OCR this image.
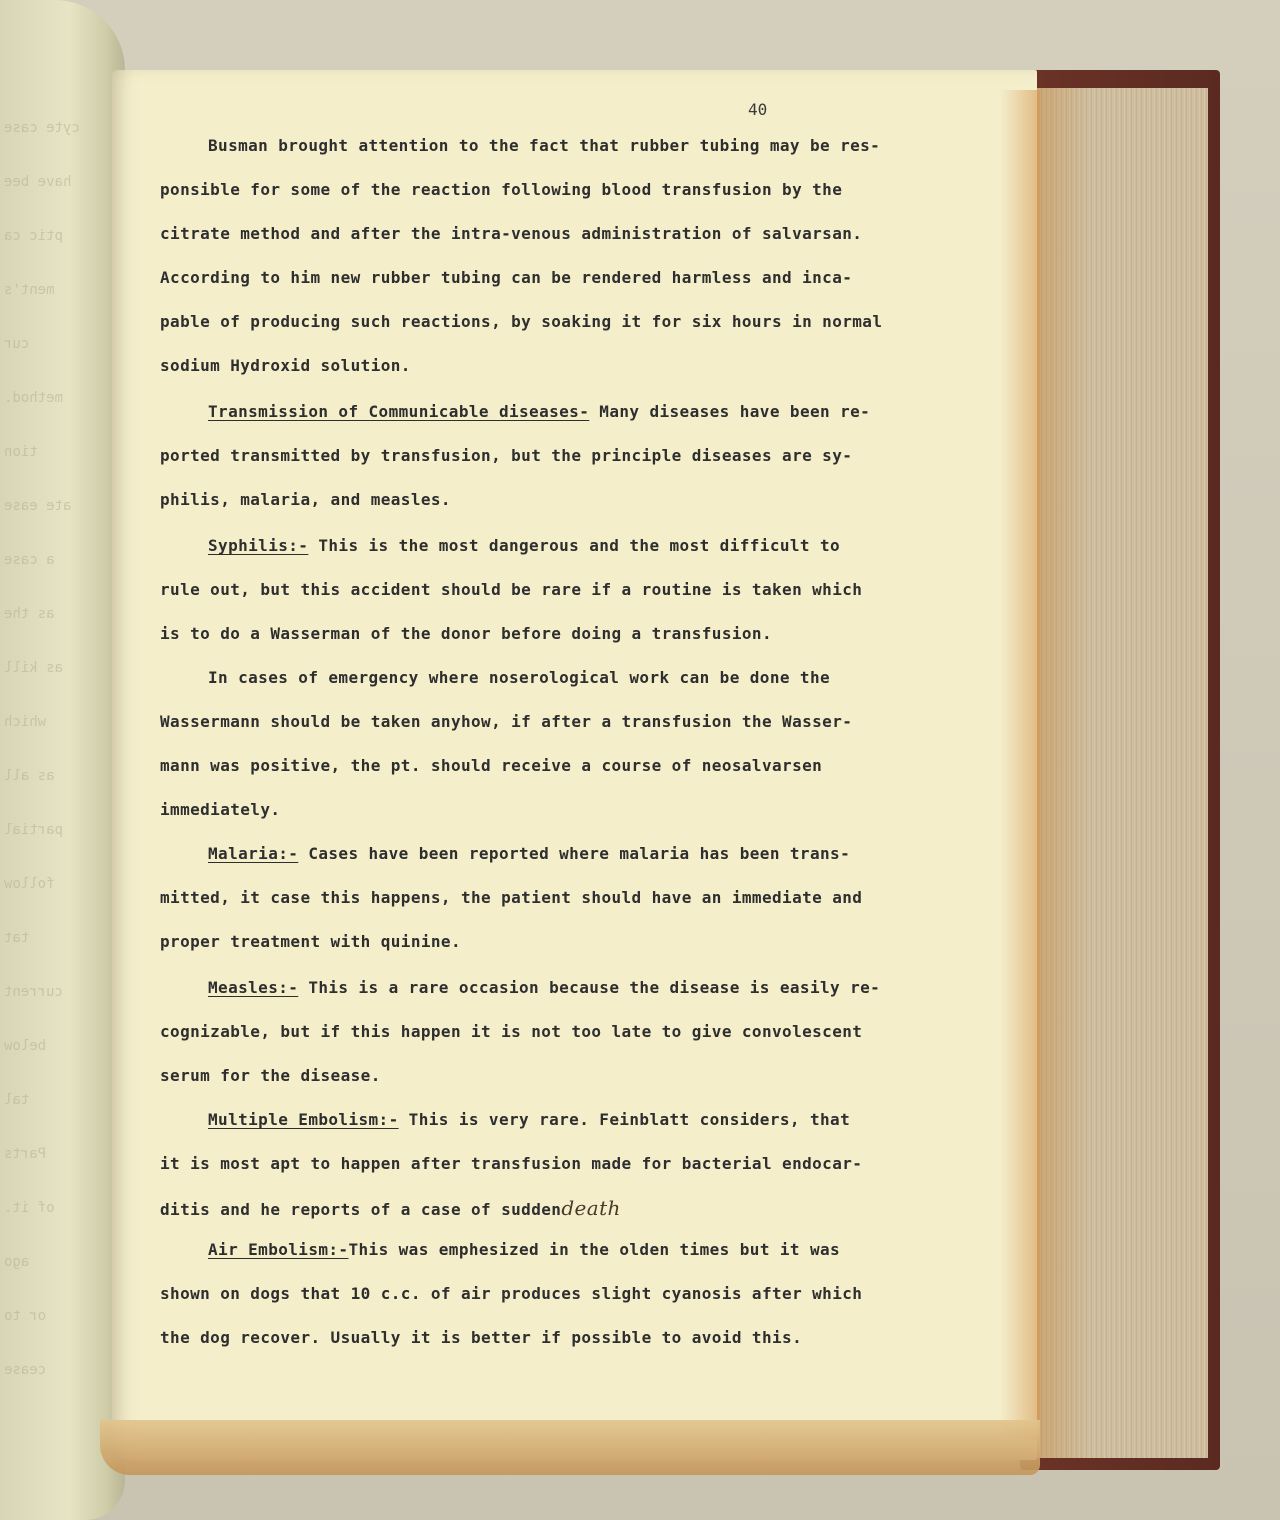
cyte case
have bee
ptic ca
ment's
cur
method.
tion
ate ease
a case
as the
as kill
which
as all
partial
follow
tat
current
below
tal
Parts
of it.
ago
or to
cease
40
Busman brought attention to the fact that rubber tubing may be res-
ponsible for some of the reaction following blood transfusion by the
citrate method and after the intra-venous administration of salvarsan.
According to him new rubber tubing can be rendered harmless and inca-
pable of producing such reactions, by soaking it for six hours in normal
sodium Hydroxid solution.
Transmission of Communicable diseases- Many diseases have been re-
ported transmitted by transfusion, but the principle diseases are sy-
philis, malaria, and measles.
Syphilis:- This is the most dangerous and the most difficult to
rule out, but this accident should be rare if a routine is taken which
is to do a Wasserman of the donor before doing a transfusion.
In cases of emergency where noserological work can be done the
Wassermann should be taken anyhow, if after a transfusion the Wasser-
mann was positive, the pt. should receive a course of neosalvarsen
immediately.
Malaria:- Cases have been reported where malaria has been trans-
mitted, it case this happens, the patient should have an immediate and
proper treatment with quinine.
Measles:- This is a rare occasion because the disease is easily re-
cognizable, but if this happen it is not too late to give convolescent
serum for the disease.
Multiple Embolism:- This is very rare. Feinblatt considers, that
it is most apt to happen after transfusion made for bacterial endocar-
ditis and he reports of a case of suddendeath
Air Embolism:-This was emphesized in the olden times but it was
shown on dogs that 10 c.c. of air produces slight cyanosis after which
the dog recover. Usually it is better if possible to avoid this.
